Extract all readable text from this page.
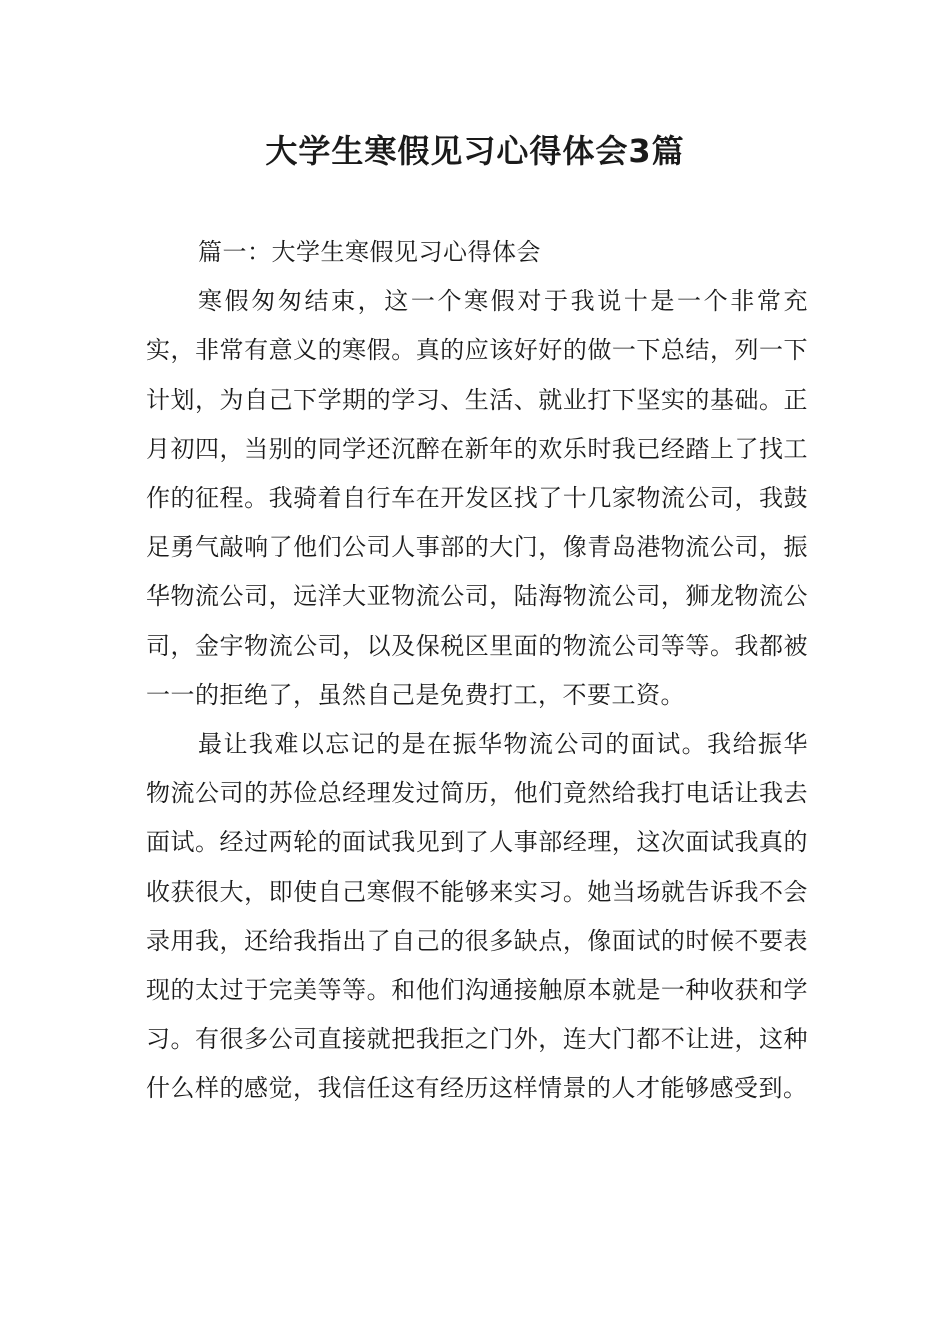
大学生寒假见习心得体会3篇

篇一：大学生寒假见习心得体会

寒假匆匆结束，这一个寒假对于我说十是一个非常充实，非常有意义的寒假。真的应该好好的做一下总结，列一下计划，为自己下学期的学习、生活、就业打下坚实的基础。正月初四，当别的同学还沉醉在新年的欢乐时我已经踏上了找工作的征程。我骑着自行车在开发区找了十几家物流公司，我鼓足勇气敲响了他们公司人事部的大门，像青岛港物流公司，振华物流公司，远洋大亚物流公司，陆海物流公司，狮龙物流公司，金宇物流公司，以及保税区里面的物流公司等等。我都被一一的拒绝了，虽然自己是免费打工，不要工资。

最让我难以忘记的是在振华物流公司的面试。我给振华物流公司的苏俭总经理发过简历，他们竟然给我打电话让我去面试。经过两轮的面试我见到了人事部经理，这次面试我真的收获很大，即使自己寒假不能够来实习。她当场就告诉我不会录用我，还给我指出了自己的很多缺点，像面试的时候不要表现的太过于完美等等。和他们沟通接触原本就是一种收获和学习。有很多公司直接就把我拒之门外，连大门都不让进，这种什么样的感觉，我信任这有经历这样情景的人才能够感受到。
